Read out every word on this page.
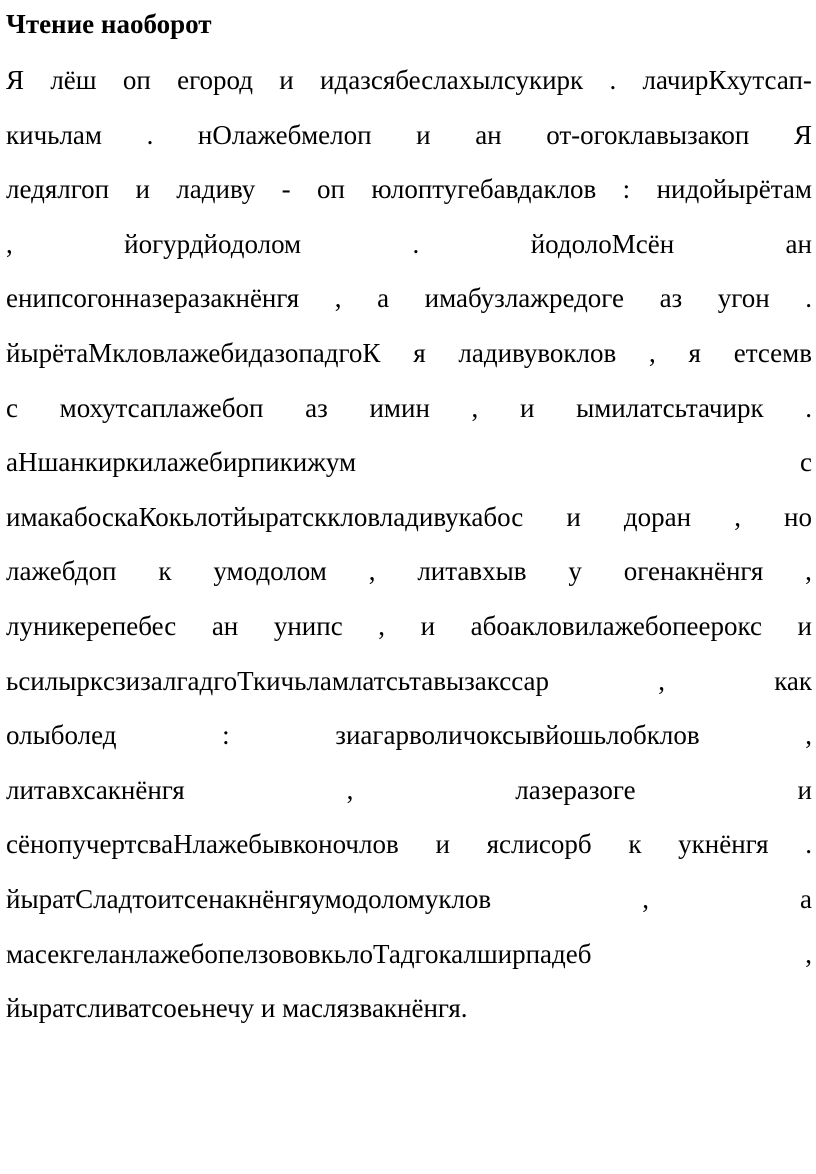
Чтение наоборот
Я лёш оп егород и идазсябеслахылсукирк . лачирКхутсап-
кичьлам . нОлажебмелоп и ан от-огоклавызакоп Я
ледялгоп и ладиву - оп юлоптугебавдаклов : нидойырётам
,	йогурдйодолом	.	йодолоМсён	ан
енипсогонназеразакнёнгя , а имабузлажредоге аз угон .
йырётаМкловлажебидазопадгоК я ладивувоклов , я етсемв
с мохутсаплажебоп аз имин , и ымилатсьтачирк .
аНшанкиркилажебирпикижум	с
имакабоскаКокьлотйыратсккловладивукабос и доран , но
лажебдоп к умодолом , литавхыв у огенакнёнгя ,
луникерепебес ан унипс , и абоакловилажебопеерокс и
ьсилыркcзизалгадгоТкичьламлатсьтавызакссар	,	как
олыболед	:	зиагарволичоксывйошьлобклов	,
литавхсакнёнгя	,	лазеразоге	и
сёнопучертсваНлажебывконочлов и яслисорб к укнёнгя .
йыратСладтоитсенакнёнгяумодоломуклов	,	а
масекгеланлажебопелзововкьлоТадгокалширпадеб	,
йыратсливатсоеьнечу
и
маслязвакнёнгя.
